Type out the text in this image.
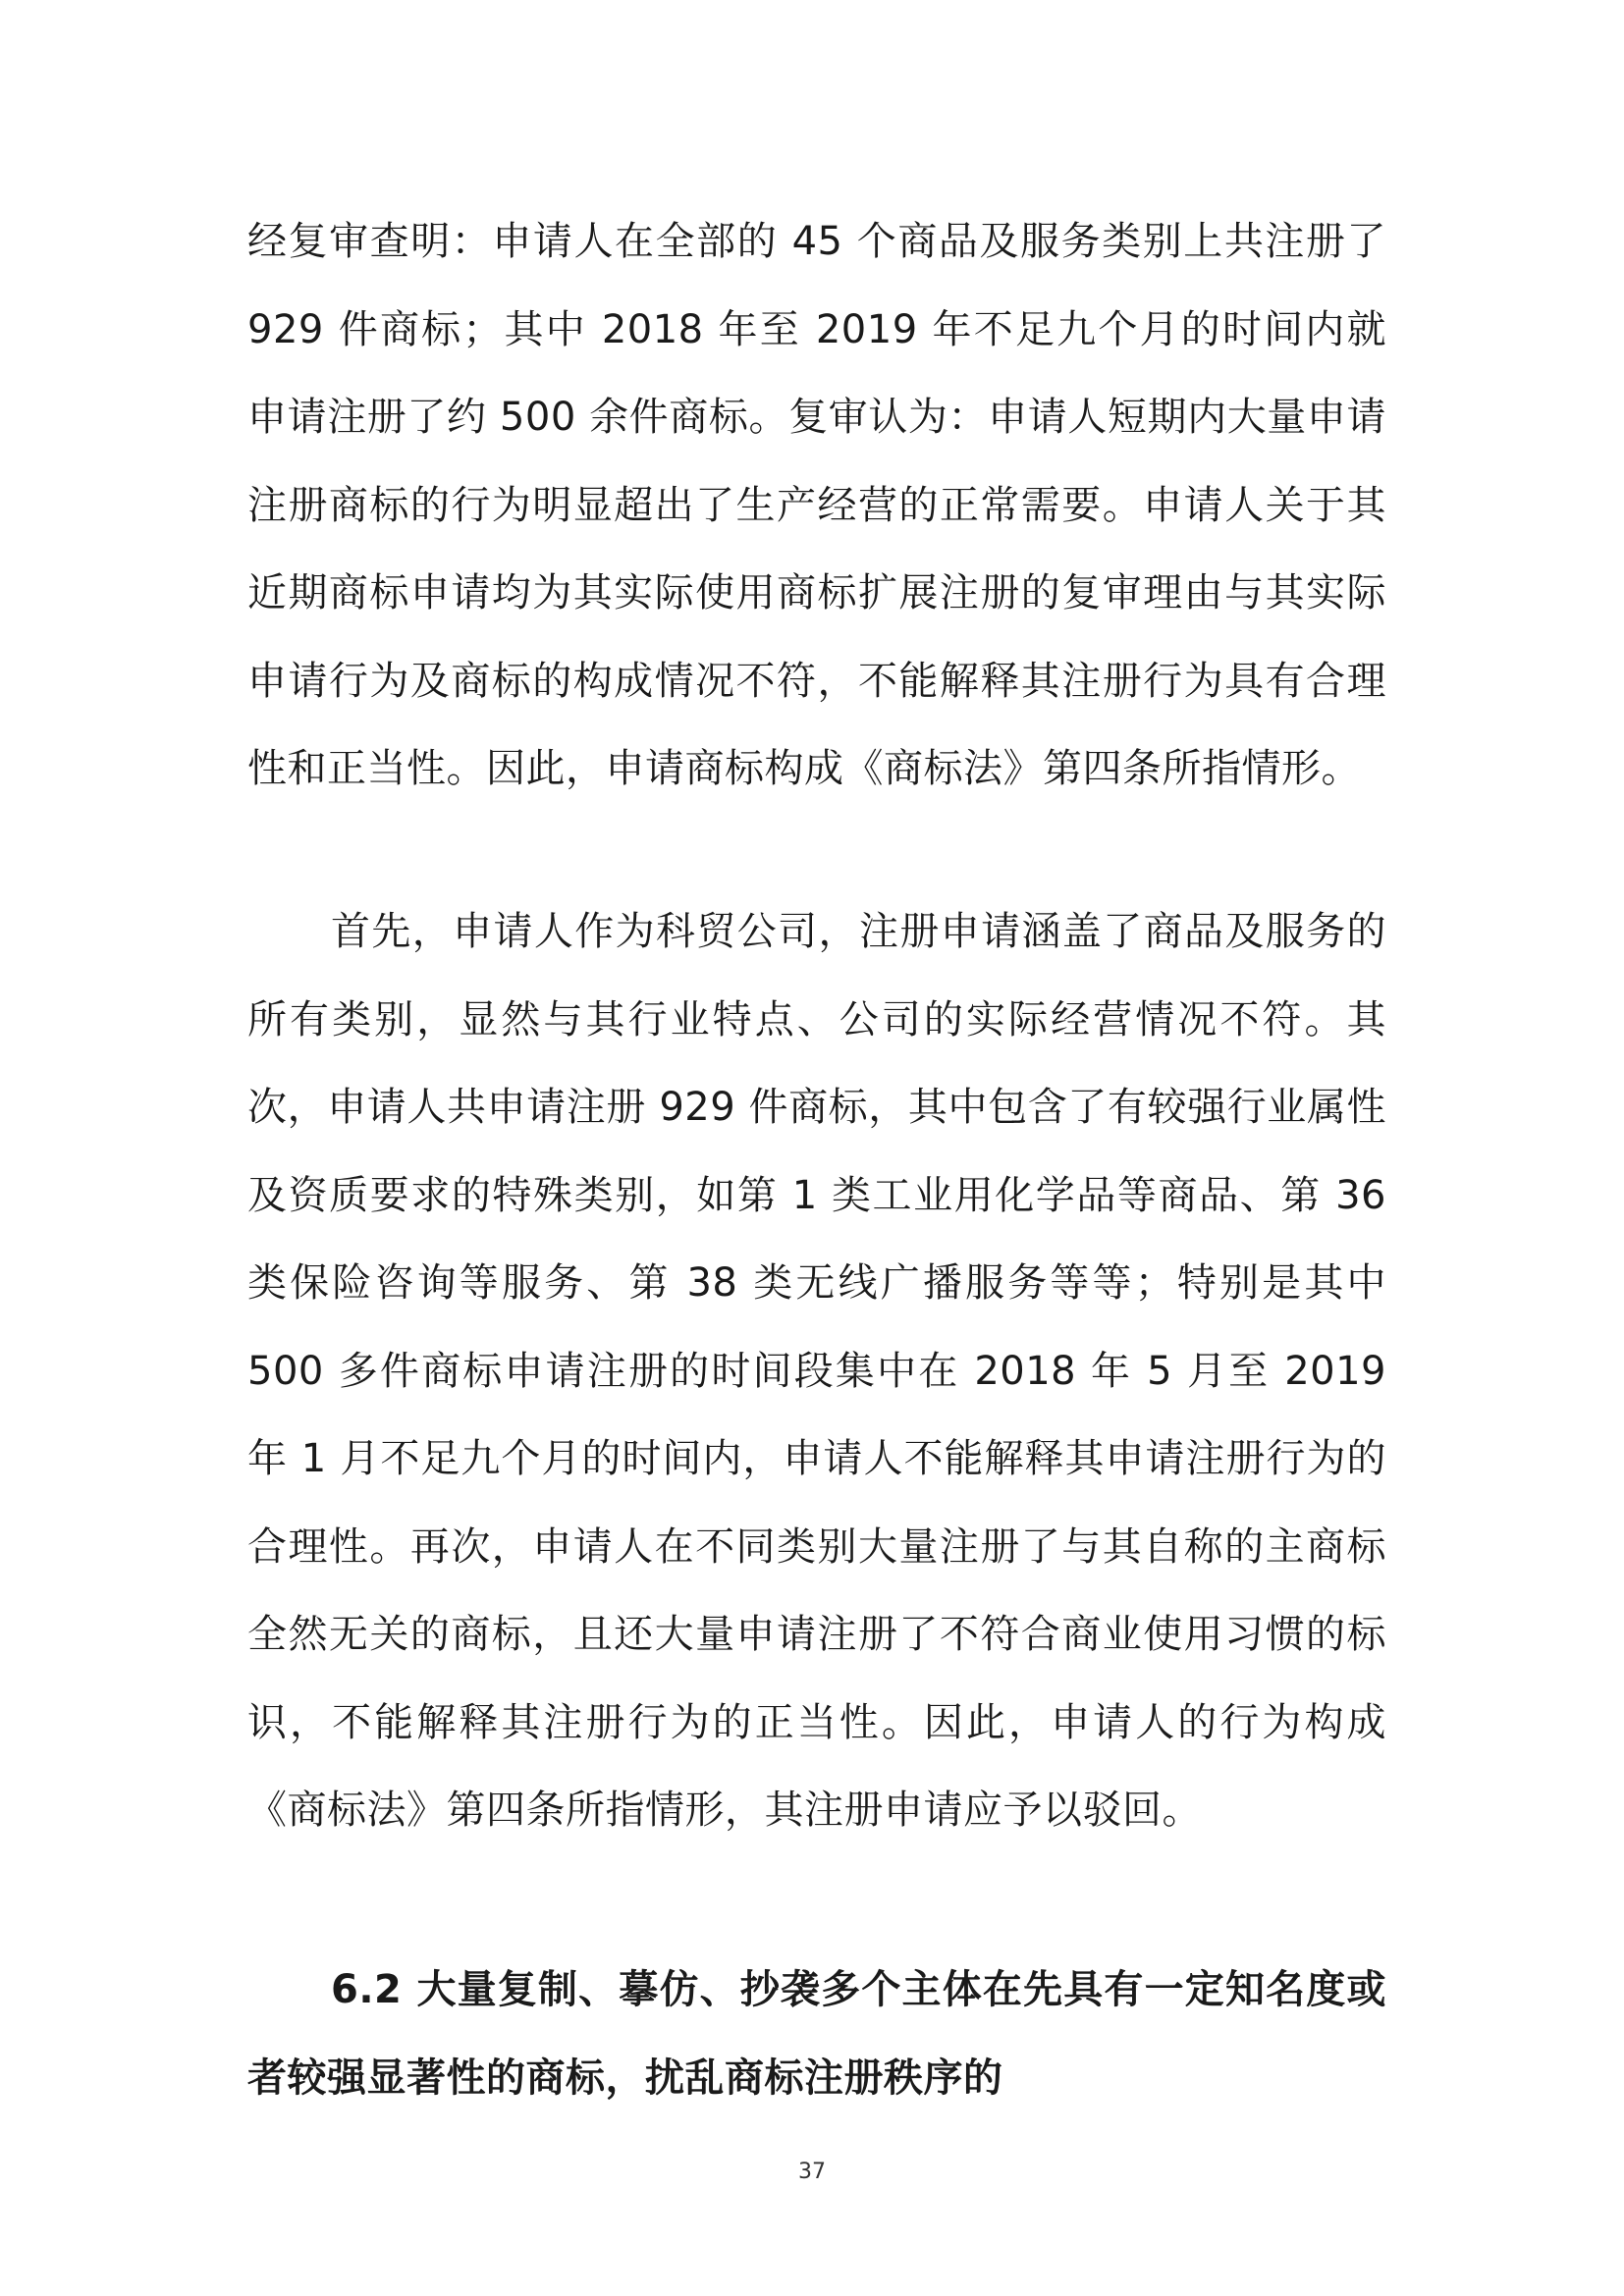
经复审查明：申请人在全部的 45 个商品及服务类别上共注册了 929 件商标；其中 2018 年至 2019 年不足九个月的时间内就申请注册了约 500 余件商标。复审认为：申请人短期内大量申请注册商标的行为明显超出了生产经营的正常需要。申请人关于其近期商标申请均为其实际使用商标扩展注册的复审理由与其实际申请行为及商标的构成情况不符，不能解释其注册行为具有合理性和正当性。因此，申请商标构成《商标法》第四条所指情形。

首先，申请人作为科贸公司，注册申请涵盖了商品及服务的所有类别，显然与其行业特点、公司的实际经营情况不符。其次，申请人共申请注册 929 件商标，其中包含了有较强行业属性及资质要求的特殊类别，如第 1 类工业用化学品等商品、第 36 类保险咨询等服务、第 38 类无线广播服务等等；特别是其中 500 多件商标申请注册的时间段集中在 2018 年 5 月至 2019 年 1 月不足九个月的时间内，申请人不能解释其申请注册行为的合理性。再次，申请人在不同类别大量注册了与其自称的主商标全然无关的商标，且还大量申请注册了不符合商业使用习惯的标识，不能解释其注册行为的正当性。因此，申请人的行为构成《商标法》第四条所指情形，其注册申请应予以驳回。

6.2 大量复制、摹仿、抄袭多个主体在先具有一定知名度或者较强显著性的商标，扰乱商标注册秩序的
37
